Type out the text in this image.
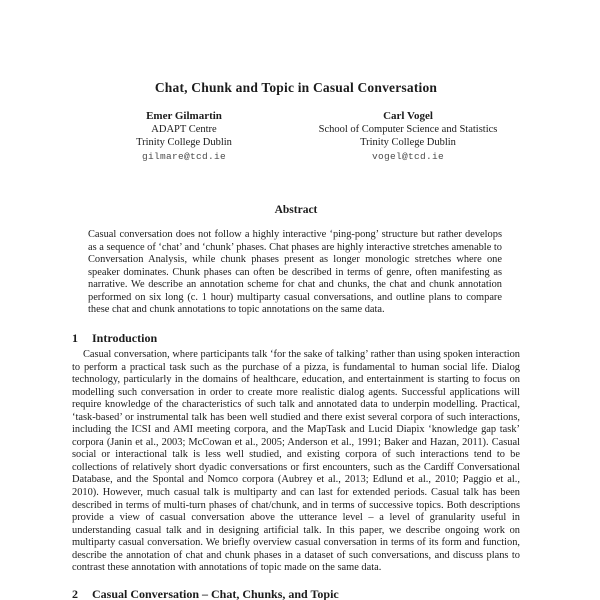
Chat, Chunk and Topic in Casual Conversation
Emer Gilmartin
ADAPT Centre
Trinity College Dublin
gilmare@tcd.ie
Carl Vogel
School of Computer Science and Statistics
Trinity College Dublin
vogel@tcd.ie
Abstract

Casual conversation does not follow a highly interactive ‘ping-pong’ structure but rather develops as a sequence of ‘chat’ and ‘chunk’ phases. Chat phases are highly interactive stretches amenable to Conversation Analysis, while chunk phases present as longer monologic stretches where one speaker dominates. Chunk phases can often be described in terms of genre, often manifesting as narrative. We describe an annotation scheme for chat and chunks, the chat and chunk annotation performed on six long (c. 1 hour) multiparty casual conversations, and outline plans to compare these chat and chunk annotations to topic annotations on the same data.

1 Introduction

Casual conversation, where participants talk ‘for the sake of talking’ rather than using spoken interaction to perform a practical task such as the purchase of a pizza, is fundamental to human social life. Dialog technology, particularly in the domains of healthcare, education, and entertainment is starting to focus on modelling such conversation in order to create more realistic dialog agents. Successful applications will require knowledge of the characteristics of such talk and annotated data to underpin modelling. Practical, ‘task-based’ or instrumental talk has been well studied and there exist several corpora of such interactions, including the ICSI and AMI meeting corpora, and the MapTask and Lucid Diapix ‘knowledge gap task’ corpora (Janin et al., 2003; McCowan et al., 2005; Anderson et al., 1991; Baker and Hazan, 2011). Casual social or interactional talk is less well studied, and existing corpora of such interactions tend to be collections of relatively short dyadic conversations or first encounters, such as the Cardiff Conversational Database, and the Spontal and Nomco corpora (Aubrey et al., 2013; Edlund et al., 2010; Paggio et al., 2010). However, much casual talk is multiparty and can last for extended periods. Casual talk has been described in terms of multi-turn phases of chat/chunk, and in terms of successive topics. Both descriptions provide a view of casual conversation above the utterance level – a level of granularity useful in understanding casual talk and in designing artificial talk. In this paper, we describe ongoing work on multiparty casual conversation. We briefly overview casual conversation in terms of its form and function, describe the annotation of chat and chunk phases in a dataset of such conversations, and discuss plans to contrast these annotation with annotations of topic made on the same data.

2 Casual Conversation – Chat, Chunks, and Topic
